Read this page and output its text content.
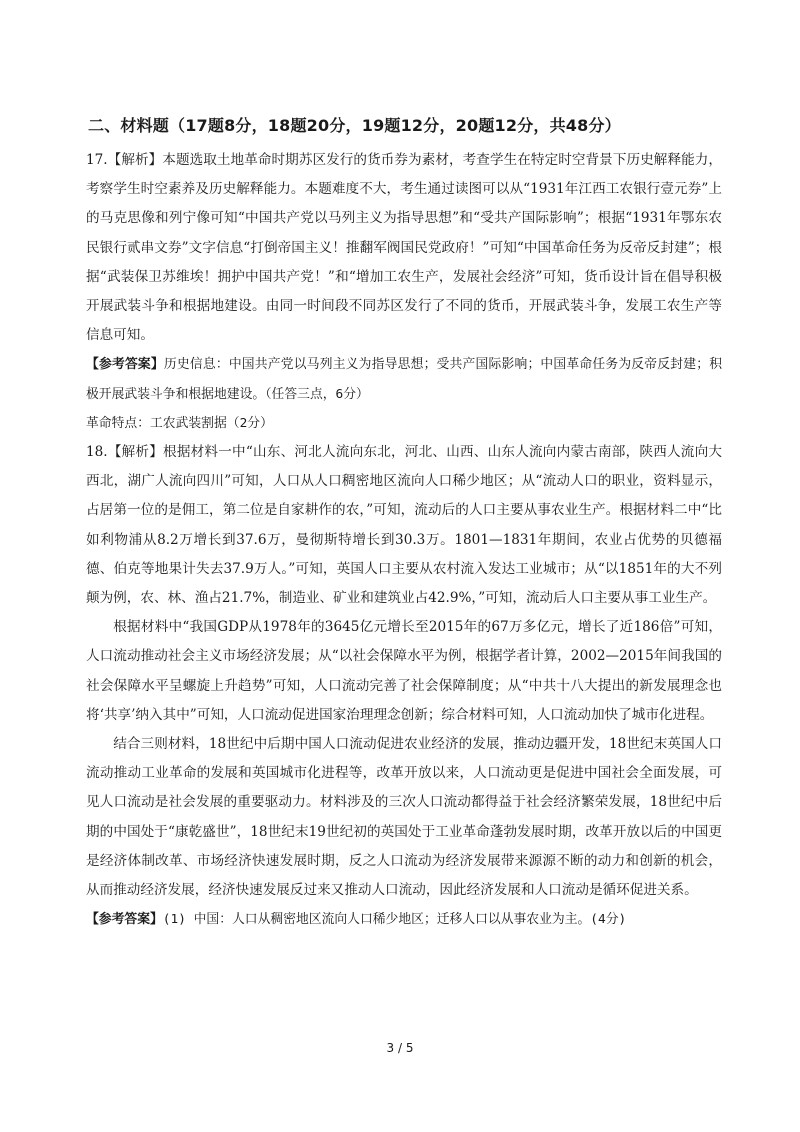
二、材料题（17题8分，18题20分，19题12分，20题12分，共48分）

17.【解析】本题选取土地革命时期苏区发行的货币券为素材，考查学生在特定时空背景下历史解释能力，考察学生时空素养及历史解释能力。本题难度不大，考生通过读图可以从“1931年江西工农银行壹元券”上的马克思像和列宁像可知“中国共产党以马列主义为指导思想”和“受共产国际影响”；根据“1931年鄂东农民银行贰串文券”文字信息“打倒帝国主义！推翻军阀国民党政府！”可知“中国革命任务为反帝反封建”；根据“武装保卫苏维埃！拥护中国共产党！”和“增加工农生产，发展社会经济”可知，货币设计旨在倡导积极开展武装斗争和根据地建设。由同一时间段不同苏区发行了不同的货币，开展武装斗争，发展工农生产等信息可知。

【参考答案】历史信息：中国共产党以马列主义为指导思想；受共产国际影响；中国革命任务为反帝反封建；积极开展武装斗争和根据地建设。（任答三点，6分）

革命特点：工农武装割据（2分）

18.【解析】根据材料一中“山东、河北人流向东北，河北、山西、山东人流向内蒙古南部，陕西人流向大西北，湖广人流向四川”可知，人口从人口稠密地区流向人口稀少地区；从“流动人口的职业，资料显示，占居第一位的是佣工，第二位是自家耕作的农，”可知，流动后的人口主要从事农业生产。根据材料二中“比如利物浦从8.2万增长到37.6万，曼彻斯特增长到30.3万。1801—1831年期间，农业占优势的贝德福德、伯克等地果计失去37.9万人。”可知，英国人口主要从农村流入发达工业城市；从“以1851年的大不列颠为例，农、林、渔占21.7%，制造业、矿业和建筑业占42.9%，”可知，流动后人口主要从事工业生产。

根据材料中“我国GDP从1978年的3645亿元增长至2015年的67万多亿元，增长了近186倍”可知，人口流动推动社会主义市场经济发展；从“以社会保障水平为例，根据学者计算，2002—2015年间我国的社会保障水平呈螺旋上升趋势”可知，人口流动完善了社会保障制度；从“中共十八大提出的新发展理念也将‘共享’纳入其中”可知，人口流动促进国家治理理念创新；综合材料可知，人口流动加快了城市化进程。

结合三则材料，18世纪中后期中国人口流动促进农业经济的发展，推动边疆开发，18世纪末英国人口流动推动工业革命的发展和英国城市化进程等，改革开放以来，人口流动更是促进中国社会全面发展，可见人口流动是社会发展的重要驱动力。材料涉及的三次人口流动都得益于社会经济繁荣发展，18世纪中后期的中国处于“康乾盛世”，18世纪末19世纪初的英国处于工业革命蓬勃发展时期，改革开放以后的中国更是经济体制改革、市场经济快速发展时期，反之人口流动为经济发展带来源源不断的动力和创新的机会，从而推动经济发展，经济快速发展反过来又推动人口流动，因此经济发展和人口流动是循环促进关系。

【参考答案】(1) 中国：人口从稠密地区流向人口稀少地区；迁移人口以从事农业为主。(4分)

3 / 5
